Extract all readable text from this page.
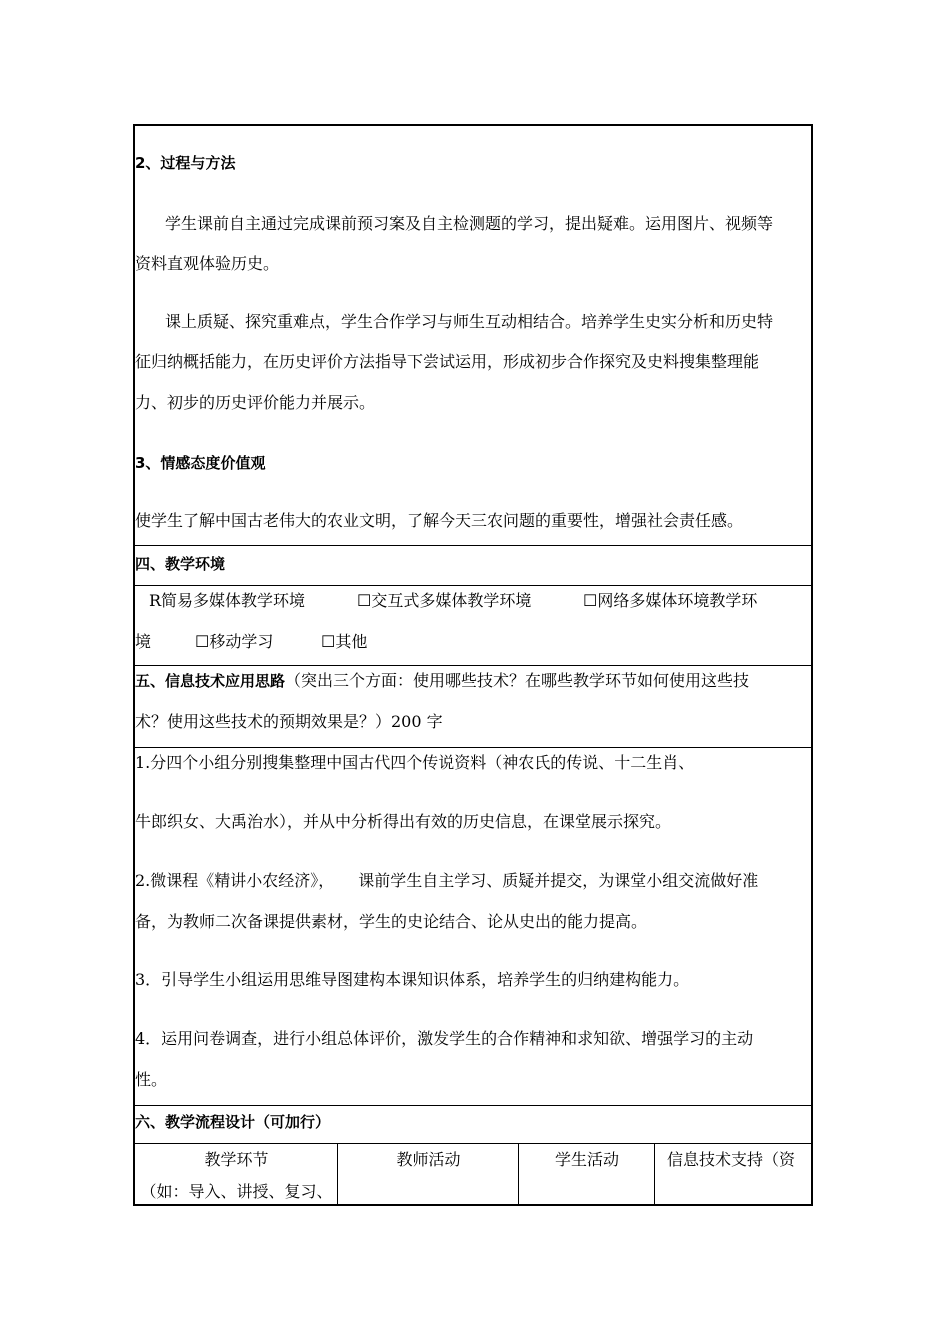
2、过程与方法
学生课前自主通过完成课前预习案及自主检测题的学习，提出疑难。运用图片、视频等
资料直观体验历史。
课上质疑、探究重难点，学生合作学习与师生互动相结合。培养学生史实分析和历史特
征归纳概括能力，在历史评价方法指导下尝试运用，形成初步合作探究及史料搜集整理能
力、初步的历史评价能力并展示。
3、情感态度价值观
使学生了解中国古老伟大的农业文明，了解今天三农问题的重要性，增强社会责任感。
四、教学环境
R简易多媒体教学环境	☐交互式多媒体教学环境	☐网络多媒体环境教学环
境	☐移动学习	☐其他
五、信息技术应用思路（突出三个方面：使用哪些技术？在哪些教学环节如何使用这些技
术？使用这些技术的预期效果是？）200 字
1.分四个小组分别搜集整理中国古代四个传说资料（神农氏的传说、十二生肖、
牛郎织女、大禹治水），并从中分析得出有效的历史信息，在课堂展示探究。
2.微课程《精讲小农经济》，　　课前学生自主学习、质疑并提交，为课堂小组交流做好准
备，为教师二次备课提供素材，学生的史论结合、论从史出的能力提高。
3．引导学生小组运用思维导图建构本课知识体系，培养学生的归纳建构能力。
4．运用问卷调查，进行小组总体评价，激发学生的合作精神和求知欲、增强学习的主动
性。
六、教学流程设计（可加行）
教学环节
（如：导入、讲授、复习、
教师活动	学生活动	信息技术支持（资
